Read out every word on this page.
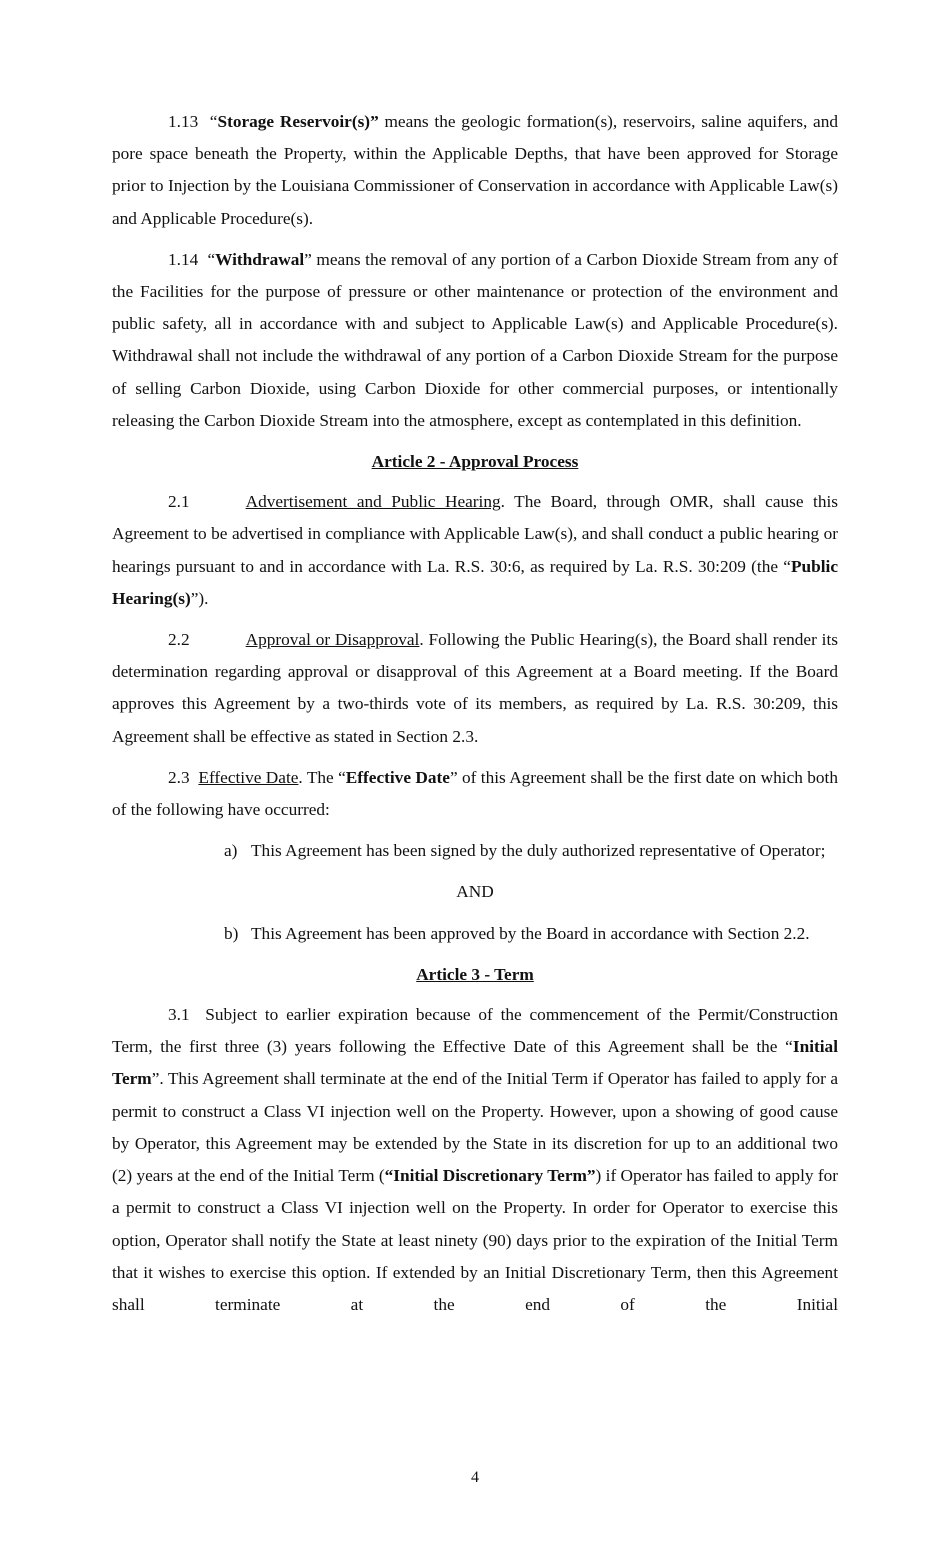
1.13 “Storage Reservoir(s)” means the geologic formation(s), reservoirs, saline aquifers, and pore space beneath the Property, within the Applicable Depths, that have been approved for Storage prior to Injection by the Louisiana Commissioner of Conservation in accordance with Applicable Law(s) and Applicable Procedure(s).

1.14 “Withdrawal” means the removal of any portion of a Carbon Dioxide Stream from any of the Facilities for the purpose of pressure or other maintenance or protection of the environment and public safety, all in accordance with and subject to Applicable Law(s) and Applicable Procedure(s). Withdrawal shall not include the withdrawal of any portion of a Carbon Dioxide Stream for the purpose of selling Carbon Dioxide, using Carbon Dioxide for other commercial purposes, or intentionally releasing the Carbon Dioxide Stream into the atmosphere, except as contemplated in this definition.

Article 2 - Approval Process

2.1	Advertisement and Public Hearing. The Board, through OMR, shall cause this Agreement to be advertised in compliance with Applicable Law(s), and shall conduct a public hearing or hearings pursuant to and in accordance with La. R.S. 30:6, as required by La. R.S. 30:209 (the “Public Hearing(s)”).

2.2	Approval or Disapproval. Following the Public Hearing(s), the Board shall render its determination regarding approval or disapproval of this Agreement at a Board meeting. If the Board approves this Agreement by a two-thirds vote of its members, as required by La. R.S. 30:209, this Agreement shall be effective as stated in Section 2.3.

2.3 Effective Date. The “Effective Date” of this Agreement shall be the first date on which both of the following have occurred:

a) This Agreement has been signed by the duly authorized representative of Operator;
AND
b) This Agreement has been approved by the Board in accordance with Section 2.2.
Article 3 - Term

3.1 Subject to earlier expiration because of the commencement of the Permit/Construction Term, the first three (3) years following the Effective Date of this Agreement shall be the “Initial Term”. This Agreement shall terminate at the end of the Initial Term if Operator has failed to apply for a permit to construct a Class VI injection well on the Property. However, upon a showing of good cause by Operator, this Agreement may be extended by the State in its discretion for up to an additional two (2) years at the end of the Initial Term (“Initial Discretionary Term”) if Operator has failed to apply for a permit to construct a Class VI injection well on the Property. In order for Operator to exercise this option, Operator shall notify the State at least ninety (90) days prior to the expiration of the Initial Term that it wishes to exercise this option. If extended by an Initial Discretionary Term, then this Agreement shall terminate at the end of the Initial

4
